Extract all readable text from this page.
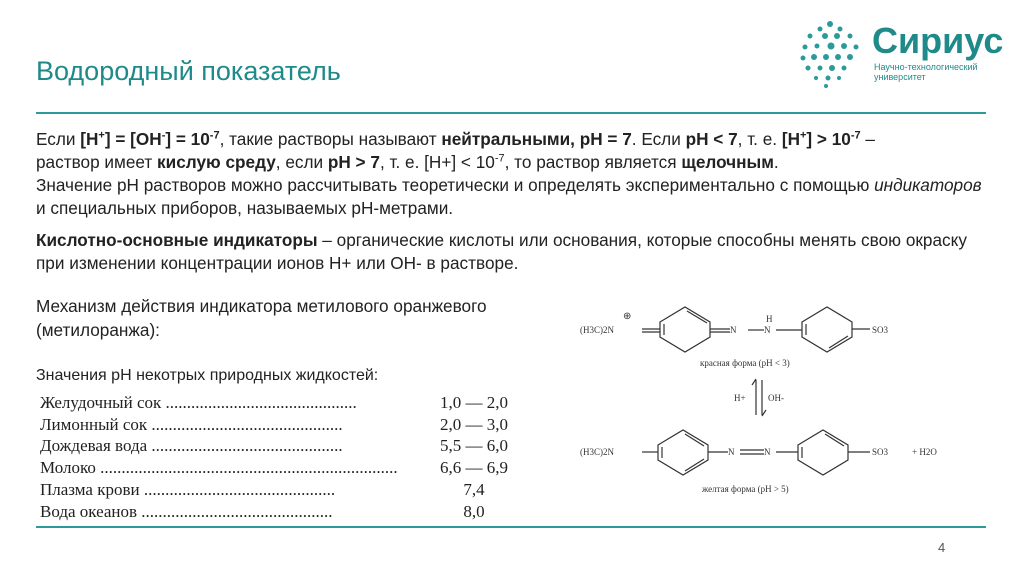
Водородный показатель
Сириус
Научно-технологический университет

Если $[H^+] = [OH^-] = 10^{-7}$, такие растворы называют нейтральными, рН = 7. Если рН < 7, т. е. $[H^+] > 10^{-7}$ –
раствор имеет кислую среду, если рН > 7, т. е. $[H+] < 10^{-7}$, то раствор является щелочным.

Значение рН растворов можно рассчитывать теоретически и определять экспериментально с помощью индикаторов и специальных приборов, называемых рН-метрами.

Кислотно-основные индикаторы – органические кислоты или основания, которые способны менять свою окраску при изменении концентрации ионов Н+ или ОН- в растворе.

Механизм действия индикатора метилового оранжевого (метилоранжа):
Значения рН некотрых природных жидкостей:
Желудочный сок .............................................	1,0 — 2,0
Лимонный сок .............................................	2,0 — 3,0
Дождевая вода .............................................	5,5 — 6,0
Молоко ......................................................................	6,6 — 6,9
Плазма крови .............................................	7,4
Вода океанов .............................................	8,0
(H3C)2N
⊕
N	N
H
SO3
красная форма (рН < 3)
H+ OH-
(H3C)2N	N	N	SO3	+ H2O
желтая форма (рН > 5)
4
